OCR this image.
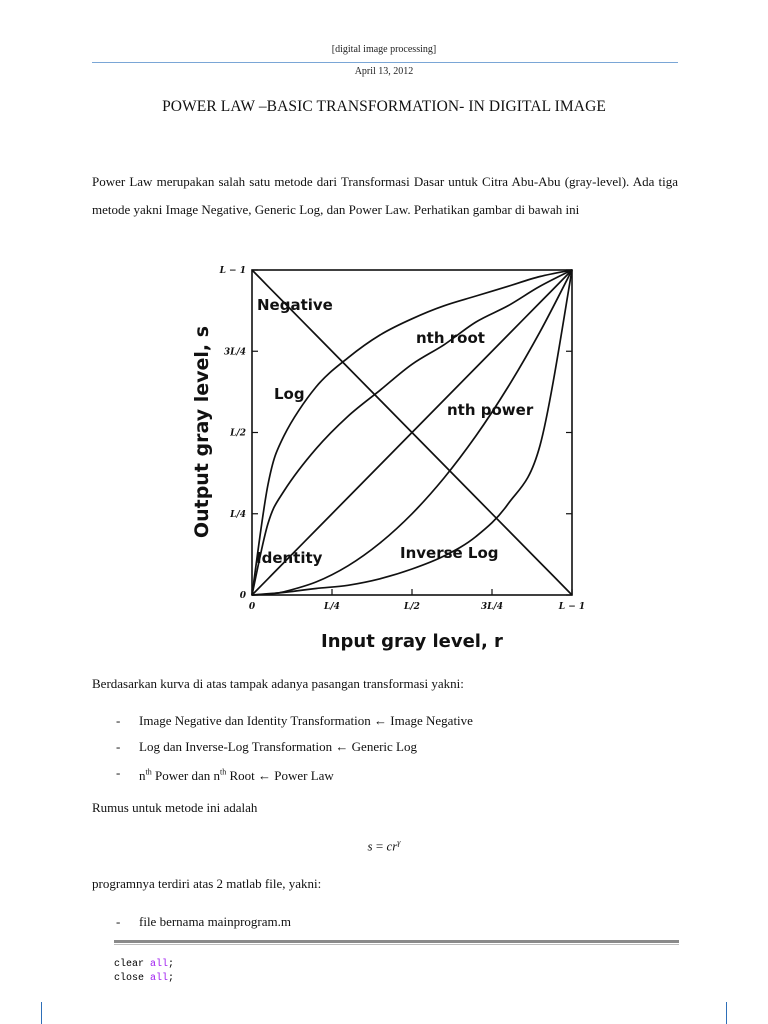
[digital image processing]
April 13, 2012
POWER LAW –BASIC TRANSFORMATION- IN DIGITAL IMAGE
Power Law merupakan salah satu metode dari Transformasi Dasar untuk Citra Abu-Abu (gray-level). Ada tiga metode yakni Image Negative, Generic Log, dan Power Law. Perhatikan gambar di bawah ini
0	L/4	L/2	3L/4	L − 1
0
L/4
L/2
3L/4
L − 1
Negative
nth root
Log
nth power
Identity	Inverse Log
Input gray level, r
Output gray level, s
Berdasarkan kurva di atas tampak adanya pasangan transformasi yakni:
- Image Negative dan Identity Transformation ← Image Negative
- Log dan Inverse-Log Transformation ← Generic Log
- $n^{th}$ Power dan $n^{th}$ Root ← Power Law
Rumus untuk metode ini adalah
$s = cr^\gamma$
programnya terdiri atas 2 matlab file, yakni:
- file bernama mainprogram.m
clear all;
close all;
